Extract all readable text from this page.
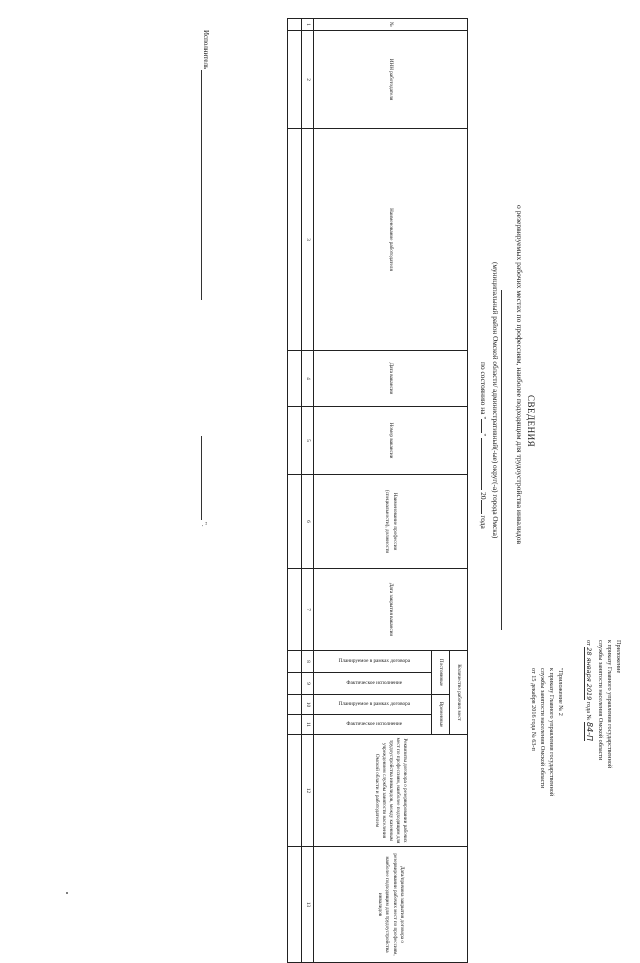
Приложение
к приказу Главного управления государственной
службы занятости населения Омской области
от 28 января 2019 года № 84-П
"Приложение № 2
к приказу Главного управления государственной
службы занятости населения Омской области
от 15 декабря 2016 года № 63-п
СВЕДЕНИЯ
о резервируемых рабочих местах по профессиям, наиболее подходящим для трудоустройства инвалидов
(муниципальный район Омской области/ административный(-ые) округ(-а) города Омска)
по состоянию на ""  20 года
№	ИНН работодателя	Наименование работодателя	Дата вакансии	Номер вакансии	Наименование профессии (специальности), должности	Дата закрытия вакансии	Количество рабочих мест				Реквизиты договора о резервировании рабочих мест по профессиям, наиболее подходящим для трудоустройства инвалидов, между казенным учреждением службы занятости населения Омской области и работодателем	Дата/причина закрытия договора о резервировании рабочих мест по профессиям, наиболее подходящим для трудоустройства инвалидов
							Постоянные		Временные			
							Планируемое в рамках договора	Фактическое исполнение	Планируемое в рамках договора	Фактическое исполнение		
1	2	3	4	5	6	7	8	9	10	11	12	13

Исполнитель
".
